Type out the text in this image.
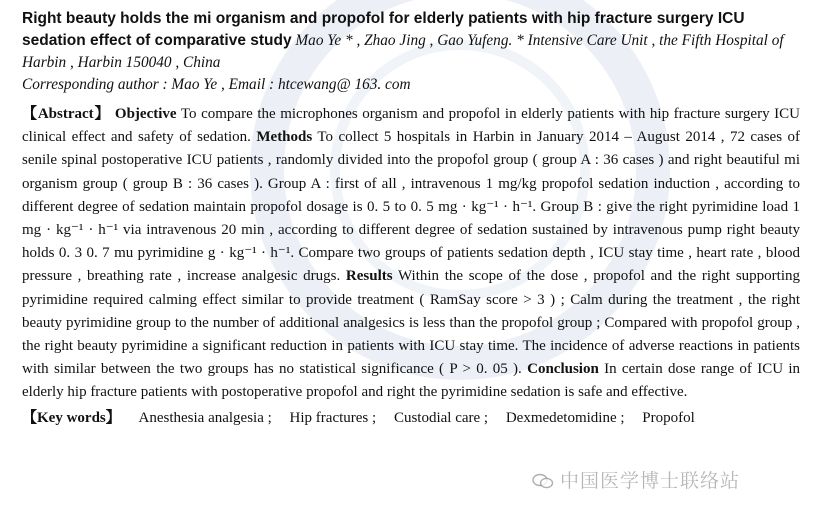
Right beauty holds the mi organism and propofol for elderly patients with hip fracture surgery ICU sedation effect of comparative study Mao Ye * , Zhao Jing , Gao Yufeng. * Intensive Care Unit , the Fifth Hospital of Harbin , Harbin 150040 , China
Corresponding author : Mao Ye , Email : htcewang@ 163. com
【Abstract】 Objective To compare the microphones organism and propofol in elderly patients with hip fracture surgery ICU clinical effect and safety of sedation. Methods To collect 5 hospitals in Harbin in January 2014 – August 2014 , 72 cases of senile spinal postoperative ICU patients , randomly divided into the propofol group ( group A : 36 cases ) and right beautiful mi organism group ( group B : 36 cases ). Group A : first of all , intravenous 1 mg/kg propofol sedation induction , according to different degree of sedation maintain propofol dosage is 0. 5 to 0. 5 mg · kg⁻¹ · h⁻¹. Group B : give the right pyrimidine load 1 mg · kg⁻¹ · h⁻¹ via intravenous 20 min , according to different degree of sedation sustained by intravenous pump right beauty holds 0. 3 0. 7 mu pyrimidine g · kg⁻¹ · h⁻¹. Compare two groups of patients sedation depth , ICU stay time , heart rate , blood pressure , breathing rate , increase analgesic drugs. Results Within the scope of the dose , propofol and the right supporting pyrimidine required calming effect similar to provide treatment ( RamSay score > 3 ) ; Calm during the treatment , the right beauty pyrimidine group to the number of additional analgesics is less than the propofol group ; Compared with propofol group , the right beauty pyrimidine a significant reduction in patients with ICU stay time. The incidence of adverse reactions in patients with similar between the two groups has no statistical significance ( P > 0. 05 ). Conclusion In certain dose range of ICU in elderly hip fracture patients with postoperative propofol and right the pyrimidine sedation is safe and effective.
【Key words】 Anesthesia analgesia ; Hip fractures ; Custodial care ; Dexmedetomidine ; Propofol
中国医学博士联络站
